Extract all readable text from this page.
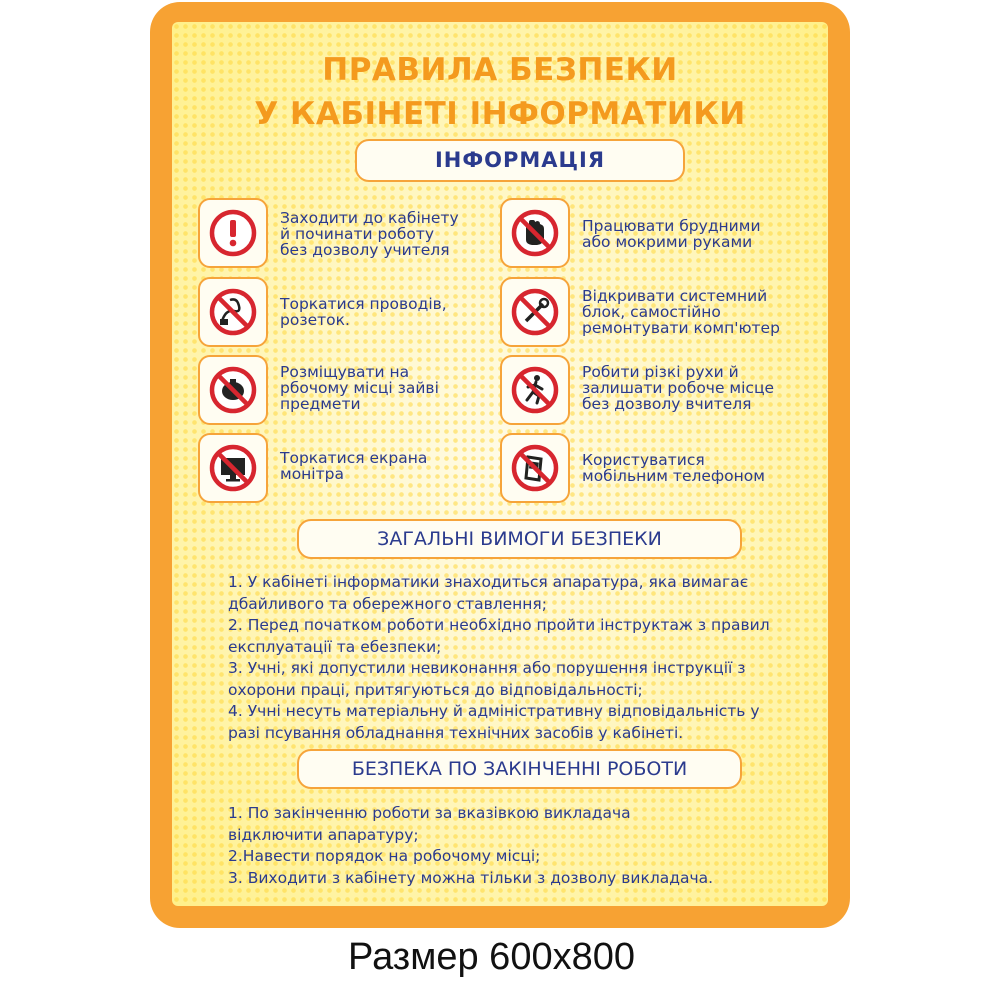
ПРАВИЛА БЕЗПЕКИ
У КАБІНЕТІ ІНФОРМАТИКИ
ІНФОРМАЦІЯ
Заходити до кабінету
й починати роботу
без дозволу учителя
Працювати брудними
або мокрими руками
Торкатися проводів,
розеток.
Відкривати системний
блок, самостійно
ремонтувати комп'ютер
Розміщувати на
рбочому місці зайві
предмети
Робити різкі рухи й
залишати робоче місце
без дозволу вчителя
Торкатися екрана
монітра
Користуватися
мобільним телефоном
ЗАГАЛЬНІ ВИМОГИ БЕЗПЕКИ
1. У кабінеті інформатики знаходиться апаратура, яка вимагає дбайливого та обережного ставлення;
2. Перед початком роботи необхідно пройти інструктаж з правил експлуатації та ебезпеки;
3. Учні, які допустили невиконання або порушення інструкції з охорони праці, притягуються до відповідальності;
4. Учні несуть матеріальну й адміністративну відповідальність у разі псування обладнання технічних засобів у кабінеті.
БЕЗПЕКА ПО ЗАКІНЧЕННІ РОБОТИ
1. По закінченню роботи за вказівкою викладача відключити апаратуру;
2.Навести порядок на робочому місці;
3. Виходити з кабінету можна тільки з дозволу викладача.
Размер 600x800
